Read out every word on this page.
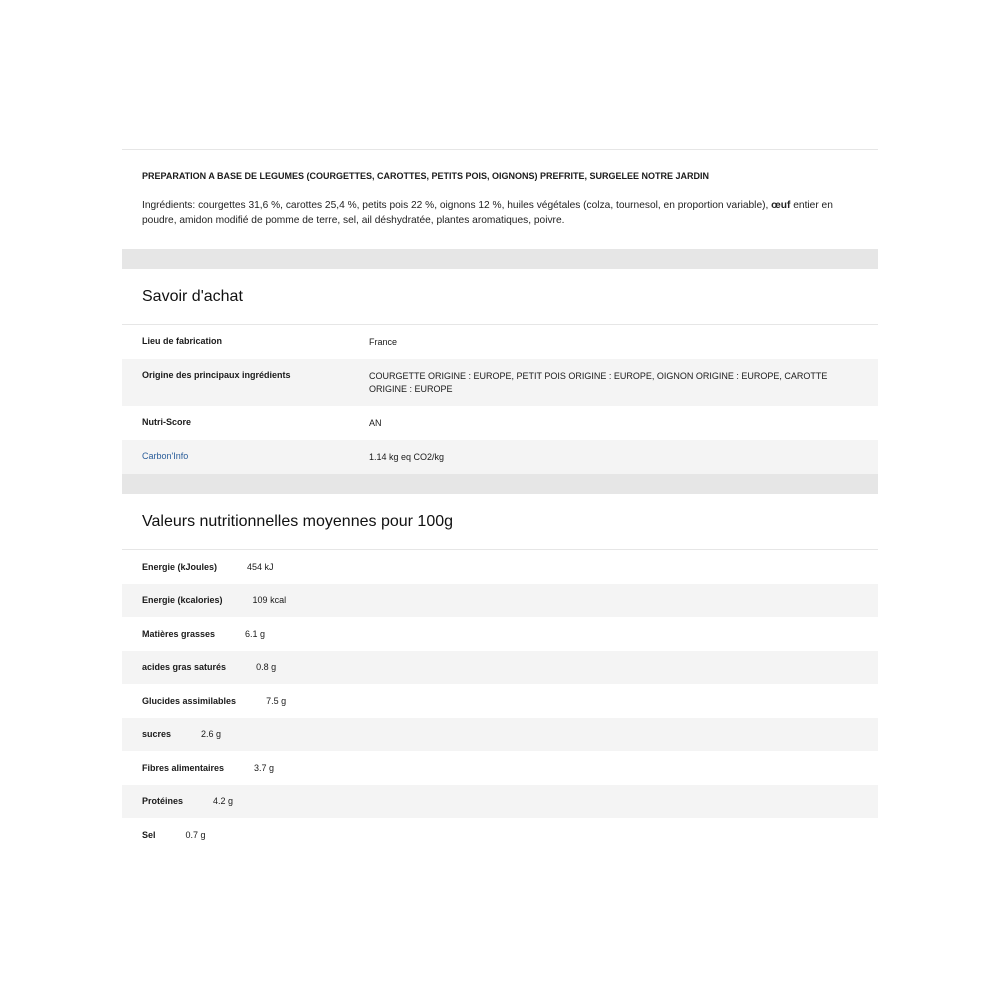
PREPARATION A BASE DE LEGUMES (COURGETTES, CAROTTES, PETITS POIS, OIGNONS) PREFRITE, SURGELEE NOTRE JARDIN
Ingrédients: courgettes 31,6 %, carottes 25,4 %, petits pois 22 %, oignons 12 %, huiles végétales (colza, tournesol, en proportion variable), œuf entier en poudre, amidon modifié de pomme de terre, sel, ail déshydratée, plantes aromatiques, poivre.
Savoir d'achat
Lieu de fabrication	France
Origine des principaux ingrédients	COURGETTE ORIGINE : EUROPE, PETIT POIS ORIGINE : EUROPE, OIGNON ORIGINE : EUROPE, CAROTTE ORIGINE : EUROPE
Nutri-Score	AN
Carbon'Info	1.14 kg eq CO2/kg
Valeurs nutritionnelles moyennes pour 100g
Energie (kJoules)	454 kJ
Energie (kcalories)	109 kcal
Matières grasses	6.1 g
acides gras saturés	0.8 g
Glucides assimilables	7.5 g
sucres	2.6 g
Fibres alimentaires	3.7 g
Protéines	4.2 g
Sel	0.7 g
